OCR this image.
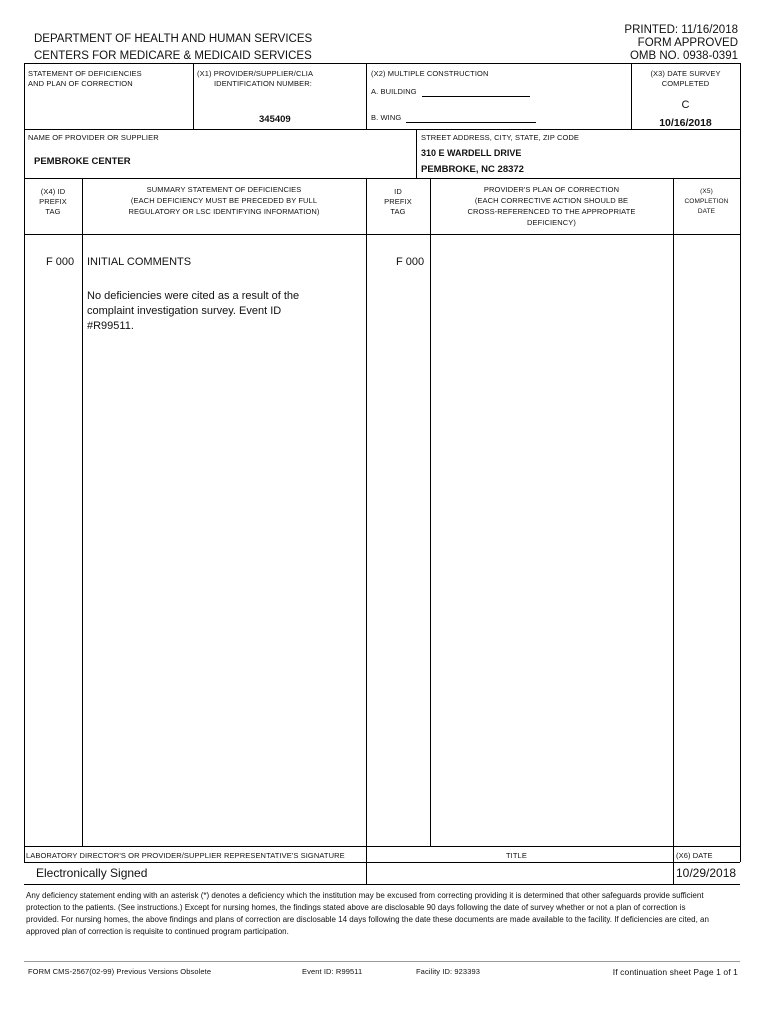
DEPARTMENT OF HEALTH AND HUMAN SERVICES
CENTERS FOR MEDICARE & MEDICAID SERVICES
PRINTED: 11/16/2018
FORM APPROVED
OMB NO. 0938-0391
STATEMENT OF DEFICIENCIES
AND PLAN OF CORRECTION
(X1) PROVIDER/SUPPLIER/CLIA
IDENTIFICATION NUMBER:
345409
(X2) MULTIPLE CONSTRUCTION
A. BUILDING
B. WING
(X3) DATE SURVEY
COMPLETED
C
10/16/2018
NAME OF PROVIDER OR SUPPLIER
PEMBROKE CENTER
STREET ADDRESS, CITY, STATE, ZIP CODE
310 E WARDELL DRIVE
PEMBROKE, NC 28372
(X4) ID
PREFIX
TAG
SUMMARY STATEMENT OF DEFICIENCIES
(EACH DEFICIENCY MUST BE PRECEDED BY FULL
REGULATORY OR LSC IDENTIFYING INFORMATION)
ID
PREFIX
TAG
PROVIDER'S PLAN OF CORRECTION
(EACH CORRECTIVE ACTION SHOULD BE
CROSS-REFERENCED TO THE APPROPRIATE
DEFICIENCY)
(X5)
COMPLETION
DATE
F 000 INITIAL COMMENTS	F 000
No deficiencies were cited as a result of the
complaint investigation survey. Event ID
#R99511.
LABORATORY DIRECTOR'S OR PROVIDER/SUPPLIER REPRESENTATIVE'S SIGNATURE	TITLE	(X6) DATE
Electronically Signed	10/29/2018
Any deficiency statement ending with an asterisk (*) denotes a deficiency which the institution may be excused from correcting providing it is determined that other safeguards provide sufficient protection to the patients. (See instructions.) Except for nursing homes, the findings stated above are disclosable 90 days following the date of survey whether or not a plan of correction is provided. For nursing homes, the above findings and plans of correction are disclosable 14 days following the date these documents are made available to the facility. If deficiencies are cited, an approved plan of correction is requisite to continued program participation.
FORM CMS-2567(02-99) Previous Versions Obsolete	Event ID: R99511	Facility ID: 923393	If continuation sheet Page 1 of 1
